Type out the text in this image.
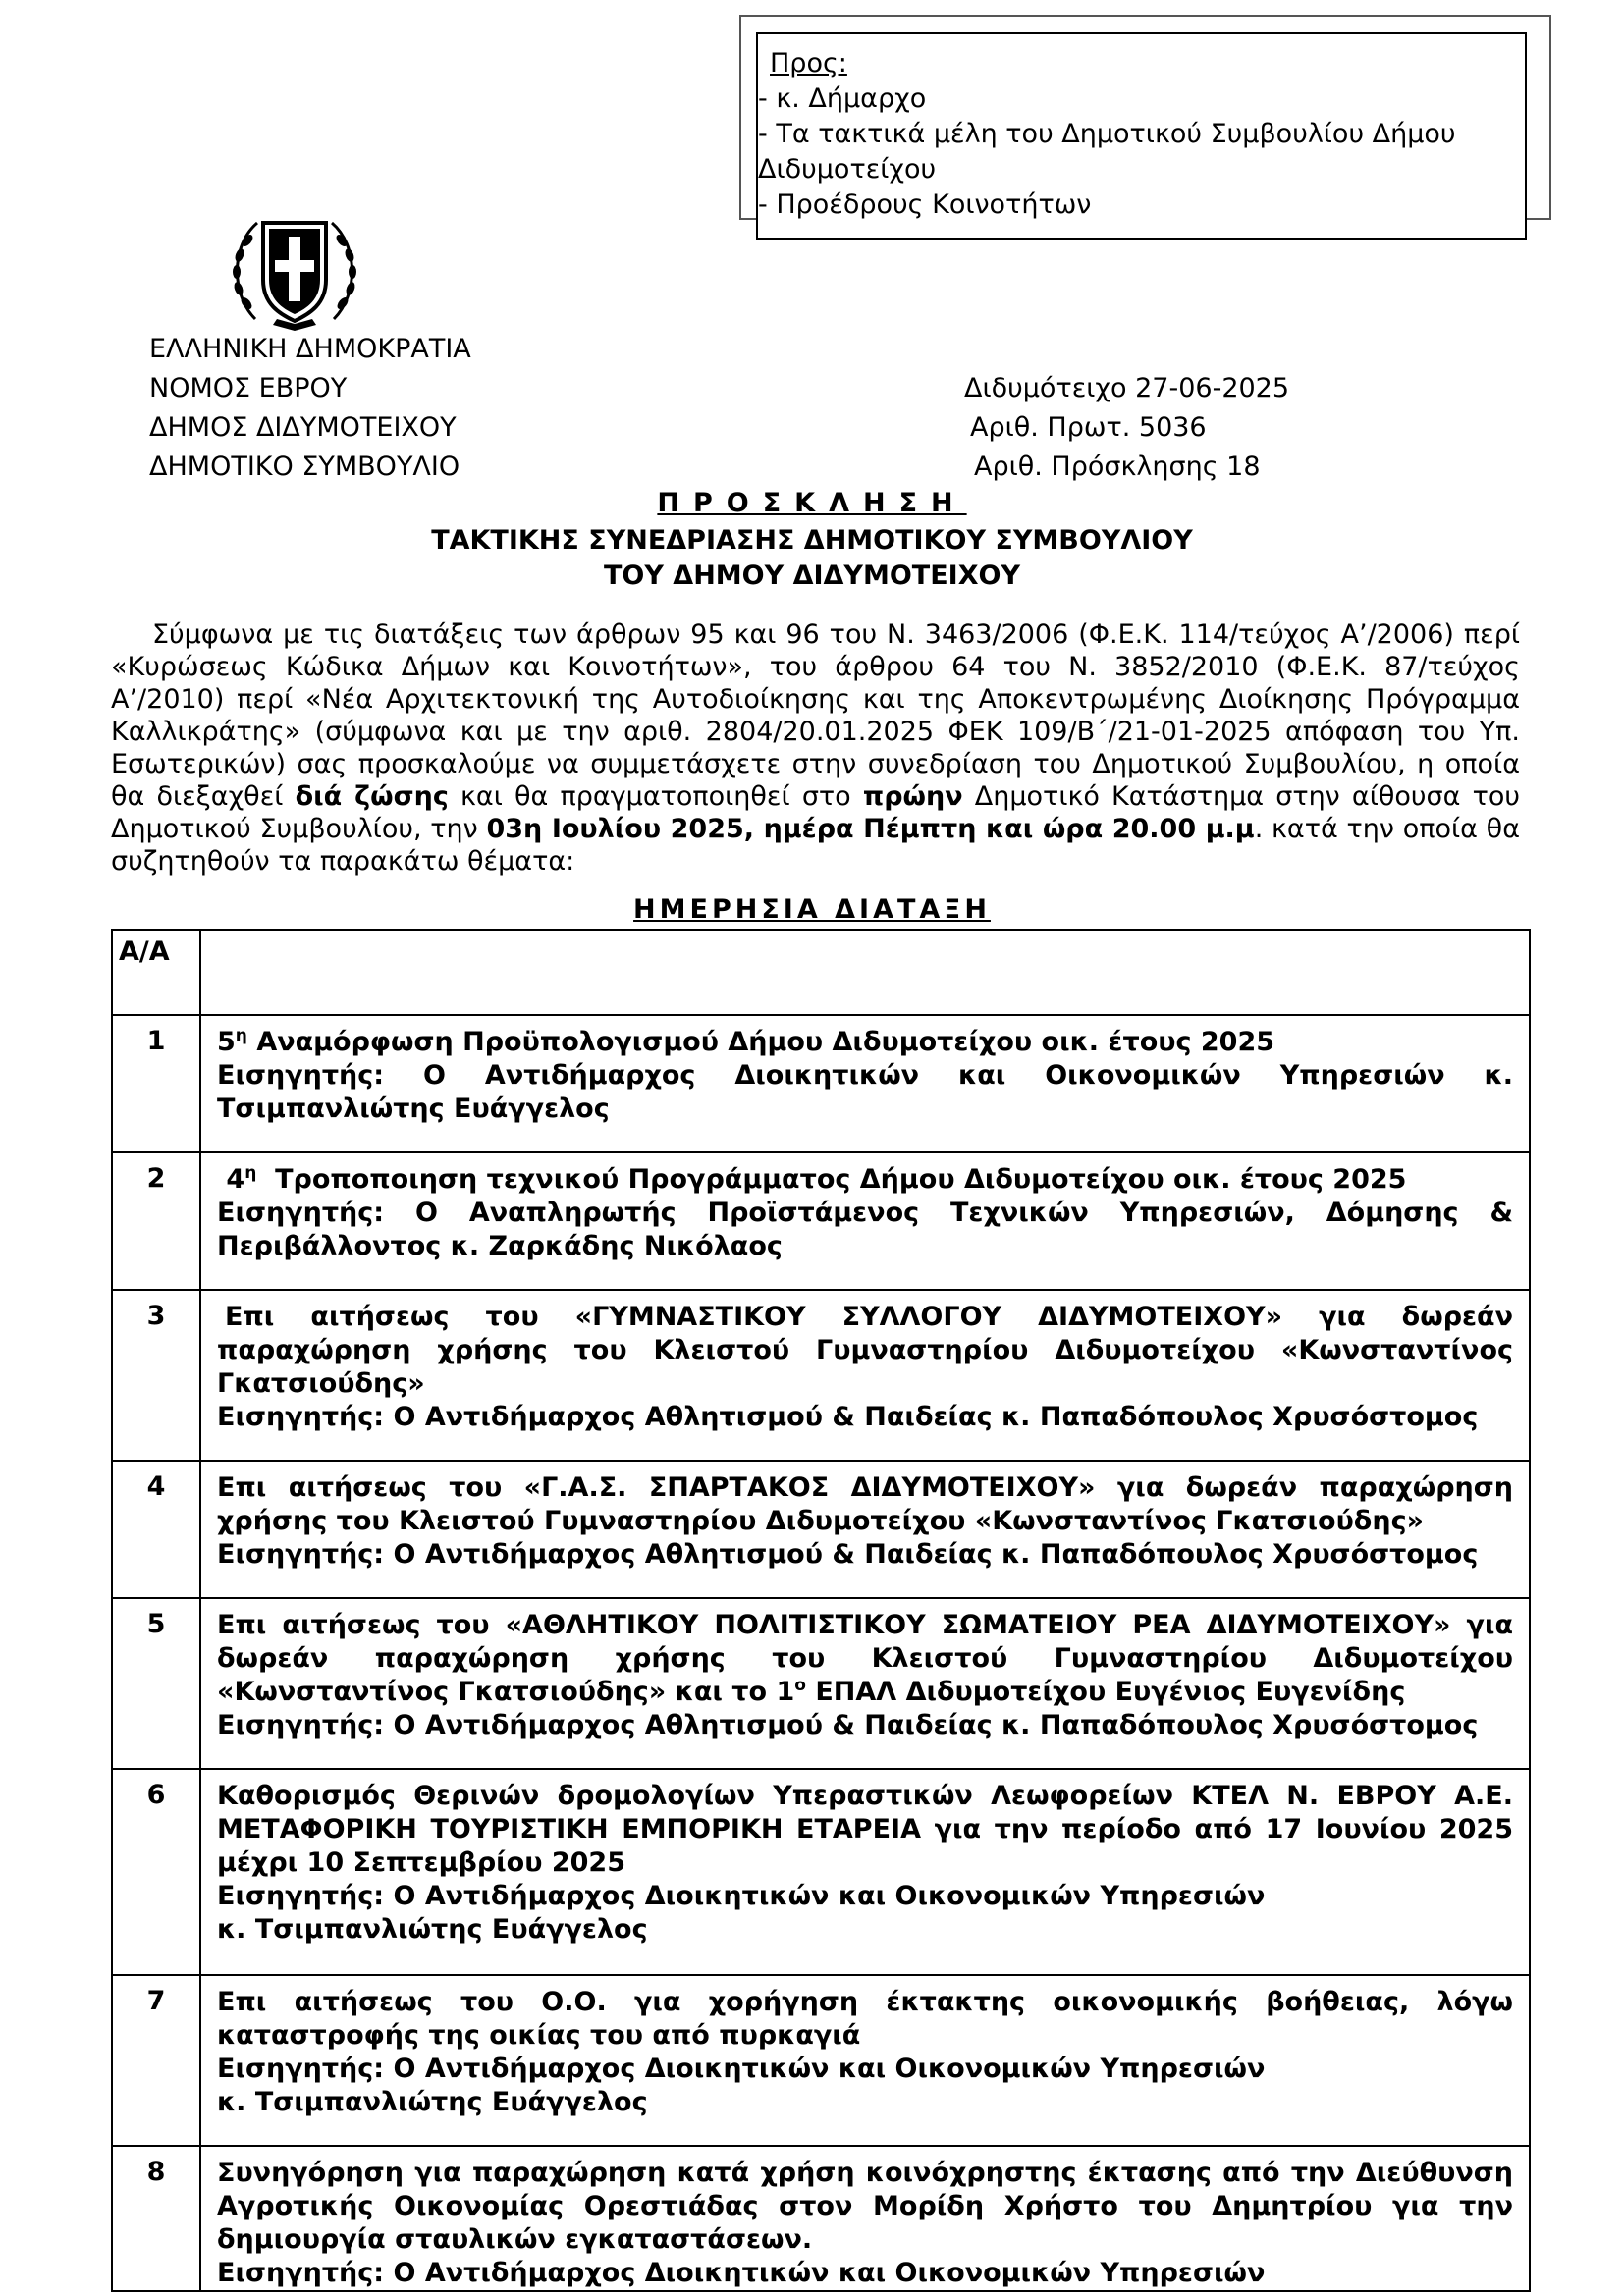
Προς:
- κ. Δήμαρχο
- Τα τακτικά μέλη του Δημοτικού Συμβουλίου Δήμου
Διδυμοτείχου
- Προέδρους Κοινοτήτων
ΕΛΛΗΝΙΚΗ ΔΗΜΟΚΡΑΤΙΑ
ΝΟΜΟΣ ΕΒΡΟΥ
ΔΗΜΟΣ ΔΙΔΥΜΟΤΕΙΧΟΥ
ΔΗΜΟΤΙΚΟ ΣΥΜΒΟΥΛΙΟ
Διδυμότειχο 27-06-2025
Αριθ. Πρωτ. 5036
Αριθ. Πρόσκλησης 18
ΠΡΟΣΚΛΗΣΗ
ΤΑΚΤΙΚΗΣ ΣΥΝΕΔΡΙΑΣΗΣ ΔΗΜΟΤΙΚΟΥ ΣΥΜΒΟΥΛΙΟΥ
ΤΟΥ ΔΗΜΟΥ ΔΙΔΥΜΟΤΕΙΧΟΥ

Σύμφωνα με τις διατάξεις των άρθρων 95 και 96 του Ν. 3463/2006 (Φ.Ε.Κ. 114/τεύχος Α’/2006) περί «Κυρώσεως Κώδικα Δήμων και Κοινοτήτων», του άρθρου 64 του Ν. 3852/2010 (Φ.Ε.Κ. 87/τεύχος Α’/2010) περί «Νέα Αρχιτεκτονική της Αυτοδιοίκησης και της Αποκεντρωμένης Διοίκησης Πρόγραμμα Καλλικράτης» (σύμφωνα και με την αριθ. 2804/20.01.2025 ΦΕΚ 109/Β΄/21-01-2025 απόφαση του Υπ. Εσωτερικών) σας προσκαλούμε να συμμετάσχετε στην συνεδρίαση του Δημοτικού Συμβουλίου, η οποία θα διεξαχθεί διά ζώσης και θα πραγματοποιηθεί στο πρώην Δημοτικό Κατάστημα στην αίθουσα του Δημοτικού Συμβουλίου, την 03η Ιουλίου 2025, ημέρα Πέμπτη και ώρα 20.00 μ.μ. κατά την οποία θα συζητηθούν τα παρακάτω θέματα:

ΗΜΕΡΗΣΙΑ ΔΙΑΤΑΞΗ
Α/Α	
1	$5^\eta$ Αναμόρφωση Προϋπολογισμού Δήμου Διδυμοτείχου οικ. έτους 2025
Εισηγητής: Ο Αντιδήμαρχος Διοικητικών και Οικονομικών Υπηρεσιών κ. Τσιμπανλιώτης Ευάγγελος

2	$4^\eta$ Τροποποιηση τεχνικού Προγράμματος Δήμου Διδυμοτείχου οικ. έτους 2025
Εισηγητής: Ο Αναπληρωτής Προϊστάμενος Τεχνικών Υπηρεσιών, Δόμησης & Περιβάλλοντος κ. Ζαρκάδης Νικόλαος

3	Επι αιτήσεως του «ΓΥΜΝΑΣΤΙΚΟΥ ΣΥΛΛΟΓΟΥ ΔΙΔΥΜΟΤΕΙΧΟΥ» για δωρεάν παραχώρηση χρήσης του Κλειστού Γυμναστηρίου Διδυμοτείχου «Κωνσταντίνος Γκατσιούδης»
Εισηγητής: Ο Αντιδήμαρχος Αθλητισμού & Παιδείας κ. Παπαδόπουλος Χρυσόστομος

4	Επι αιτήσεως του «Γ.Α.Σ. ΣΠΑΡΤΑΚΟΣ ΔΙΔΥΜΟΤΕΙΧΟΥ» για δωρεάν παραχώρηση χρήσης του Κλειστού Γυμναστηρίου Διδυμοτείχου «Κωνσταντίνος Γκατσιούδης»
Εισηγητής: Ο Αντιδήμαρχος Αθλητισμού & Παιδείας κ. Παπαδόπουλος Χρυσόστομος

5	Επι αιτήσεως του «ΑΘΛΗΤΙΚΟΥ ΠΟΛΙΤΙΣΤΙΚΟΥ ΣΩΜΑΤΕΙΟΥ ΡΕΑ ΔΙΔΥΜΟΤΕΙΧΟΥ» για δωρεάν παραχώρηση χρήσης του Κλειστού Γυμναστηρίου Διδυμοτείχου «Κωνσταντίνος Γκατσιούδης» και το $1^o$ ΕΠΑΛ Διδυμοτείχου Ευγένιος Ευγενίδης
Εισηγητής: Ο Αντιδήμαρχος Αθλητισμού & Παιδείας κ. Παπαδόπουλος Χρυσόστομος

6	Καθορισμός Θερινών δρομολογίων Υπεραστικών Λεωφορείων ΚΤΕΛ Ν. ΕΒΡΟΥ Α.Ε. ΜΕΤΑΦΟΡΙΚΗ ΤΟΥΡΙΣΤΙΚΗ ΕΜΠΟΡΙΚΗ ΕΤΑΡΕΙΑ για την περίοδο από 17 Ιουνίου 2025 μέχρι 10 Σεπτεμβρίου 2025
Εισηγητής: Ο Αντιδήμαρχος Διοικητικών και Οικονομικών Υπηρεσιών
κ. Τσιμπανλιώτης Ευάγγελος

7	Επι αιτήσεως του Ο.Ο. για χορήγηση έκτακτης οικονομικής βοήθειας, λόγω καταστροφής της οικίας του από πυρκαγιά
Εισηγητής: Ο Αντιδήμαρχος Διοικητικών και Οικονομικών Υπηρεσιών
κ. Τσιμπανλιώτης Ευάγγελος

8	Συνηγόρηση για παραχώρηση κατά χρήση κοινόχρηστης έκτασης από την Διεύθυνση Αγροτικής Οικονομίας Ορεστιάδας στον Μορίδη Χρήστο του Δημητρίου για την δημιουργία σταυλικών εγκαταστάσεων.
Εισηγητής: Ο Αντιδήμαρχος Διοικητικών και Οικονομικών Υπηρεσιών
